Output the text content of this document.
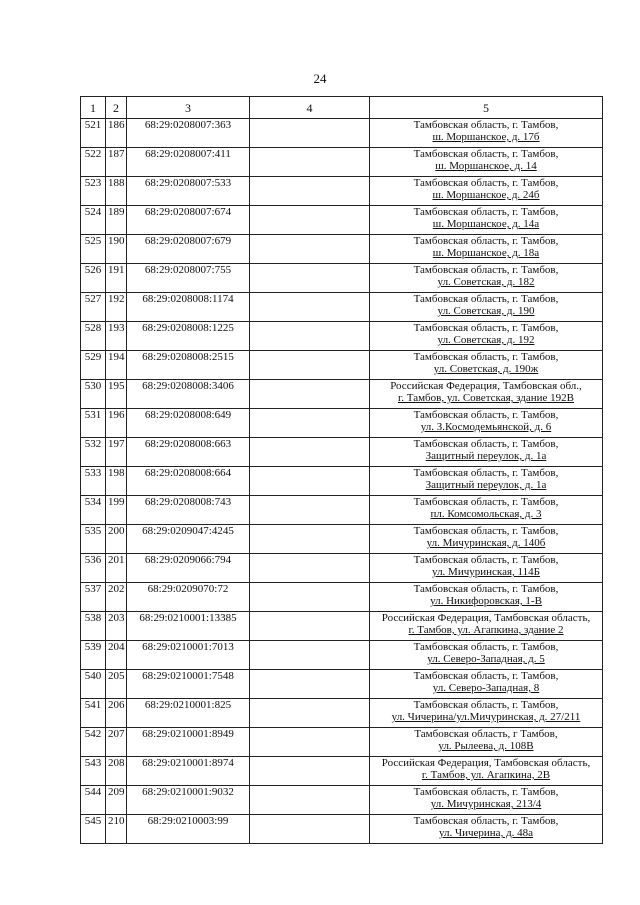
24
1	2	3	4	5
521	186	68:29:0208007:363		Тамбовская область, г. Тамбов,
ш. Моршанское, д. 17б

522	187	68:29:0208007:411		Тамбовская область, г. Тамбов,
ш. Моршанское, д. 14

523	188	68:29:0208007:533		Тамбовская область, г. Тамбов,
ш. Моршанское, д. 24б

524	189	68:29:0208007:674		Тамбовская область, г. Тамбов,
ш. Моршанское, д. 14а

525	190	68:29:0208007:679		Тамбовская область, г. Тамбов,
ш. Моршанское, д. 18а

526	191	68:29:0208007:755		Тамбовская область, г. Тамбов,
ул. Советская, д. 182

527	192	68:29:0208008:1174		Тамбовская область, г. Тамбов,
ул. Советская, д. 190

528	193	68:29:0208008:1225		Тамбовская область, г. Тамбов,
ул. Советская, д. 192

529	194	68:29:0208008:2515		Тамбовская область, г. Тамбов,
ул. Советская, д. 190ж

530	195	68:29:0208008:3406		Российская Федерация, Тамбовская обл.,
г. Тамбов, ул. Советская, здание 192В

531	196	68:29:0208008:649		Тамбовская область, г. Тамбов,
ул. З.Космодемьянской, д. 6

532	197	68:29:0208008:663		Тамбовская область, г. Тамбов,
Защитный переулок, д. 1а

533	198	68:29:0208008:664		Тамбовская область, г. Тамбов,
Защитный переулок, д. 1а

534	199	68:29:0208008:743		Тамбовская область, г. Тамбов,
пл. Комсомольская, д. 3

535	200	68:29:0209047:4245		Тамбовская область, г. Тамбов,
ул. Мичуринская, д. 140б

536	201	68:29:0209066:794		Тамбовская область, г. Тамбов,
ул. Мичуринская, 114Б

537	202	68:29:0209070:72		Тамбовская область, г. Тамбов,
ул. Никифоровская, 1-В

538	203	68:29:0210001:13385		Российская Федерация, Тамбовская область,
г. Тамбов, ул. Агапкина, здание 2

539	204	68:29:0210001:7013		Тамбовская область, г. Тамбов,
ул. Северо-Западная, д. 5

540	205	68:29:0210001:7548		Тамбовская область, г. Тамбов,
ул. Северо-Западная, 8

541	206	68:29:0210001:825		Тамбовская область, г. Тамбов,
ул. Чичерина/ул.Мичуринская, д. 27/211

542	207	68:29:0210001:8949		Тамбовская область, г Тамбов,
ул. Рылеева, д. 108В

543	208	68:29:0210001:8974		Российская Федерация, Тамбовская область,
г. Тамбов, ул. Агапкина, 2В

544	209	68:29:0210001:9032		Тамбовская область, г. Тамбов,
ул. Мичуринская, 213/4

545	210	68:29:0210003:99		Тамбовская область, г. Тамбов,
ул. Чичерина, д. 48а
